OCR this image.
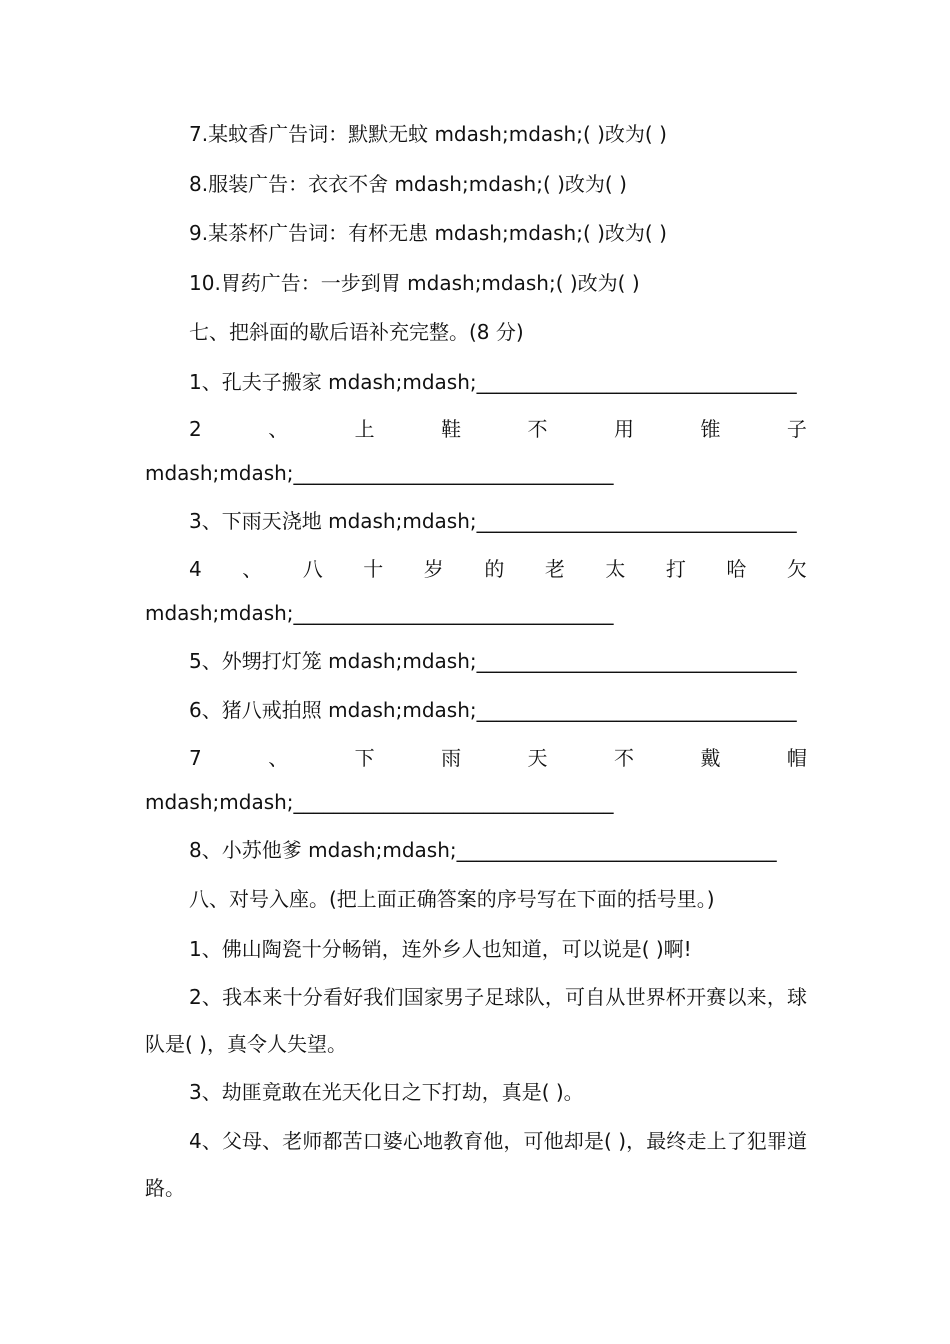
7.某蚊香广告词：默默无蚊 mdash;mdash;( )改为( )
8.服装广告：衣衣不舍 mdash;mdash;( )改为( )
9.某茶杯广告词：有杯无患 mdash;mdash;( )改为( )
10.胃药广告：一步到胃 mdash;mdash;( )改为( )
七、把斜面的歇后语补充完整。(8 分)
1、孔夫子搬家 mdash;mdash;________________________________
2	、	上	鞋	不	用	锥	子
mdash;mdash;________________________________
3、下雨天浇地 mdash;mdash;________________________________
4 、 八 十 岁 的 老 太 打 哈 欠
mdash;mdash;________________________________
5、外甥打灯笼 mdash;mdash;________________________________
6、猪八戒拍照 mdash;mdash;________________________________
7	、	下	雨	天	不	戴	帽
mdash;mdash;________________________________
8、小苏他爹 mdash;mdash;________________________________
八、对号入座。(把上面正确答案的序号写在下面的括号里。)
1、佛山陶瓷十分畅销，连外乡人也知道，可以说是( )啊!
2、我本来十分看好我们国家男子足球队，可自从世界杯开赛以来，球队是( )，真令人失望。
3、劫匪竟敢在光天化日之下打劫，真是( )。
4、父母、老师都苦口婆心地教育他，可他却是( )，最终走上了犯罪道路。
